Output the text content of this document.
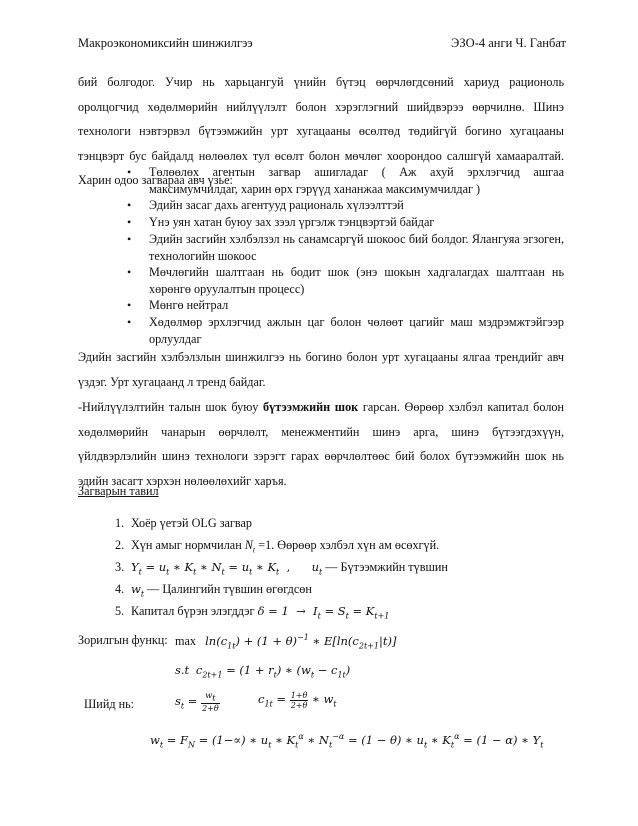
Макроэкономиксийн шинжилгээ	ЭЗО-4 анги Ч. Ганбат
бий болгодог. Учир нь харьцангуй үнийн бүтэц өөрчлөгдсөний хариуд рационоль оролцогчид хөдөлмөрийн нийлүүлэлт болон хэрэглэгний шийдвэрээ өөрчилнө. Шинэ технологи нэвтэрвэл бүтээмжийн урт хугацааны өсөлтөд төдийгүй богино хугацааны тэнцвэрт бус байдалд нөлөөлөх тул өсөлт болон мөчлөг хоорондоо салшгүй хамааралтай. Харин одоо загвараа авч үзье:
• Төлөөлөх агентын загвар ашигладаг ( Аж ахуй эрхлэгчид ашгаа максимумчилдаг, харин өрх гэрүүд хананжаа максимумчилдаг )
• Эдийн засаг дахь агентууд рациональ хүлээлттэй
• Үнэ уян хатан буюу зах зээл үргэлж тэнцвэртэй байдаг
• Эдийн засгийн хэлбэлзэл нь санамсаргүй шокоос бий болдог. Ялангуяа эгзоген, технологийн шокоос
• Мөчлөгийн шалтгаан нь бодит шок (энэ шокын хадгалагдах шалтгаан нь хөрөнгө оруулалтын процесс)
• Мөнгө нейтрал
• Хөдөлмөр эрхлэгчид ажлын цаг болон чөлөөт цагийг маш мэдрэмжтэйгээр орлуулдаг
Эдийн засгийн хэлбэлзлын шинжилгээ нь богино болон урт хугацааны ялгаа трендийг авч үздэг. Урт хугацаанд л тренд байдаг.
-Нийлүүлэлтийн талын шок буюу бүтээмжийн шок гарсан. Өөрөөр хэлбэл капитал болон хөдөлмөрийн чанарын өөрчлөлт, менежментийн шинэ арга, шинэ бүтээгдэхүүн, үйлдвэрлэлийн шинэ технологи зэрэгт гарах өөрчлөлтөөс бий болох бүтээмжийн шок нь эдийн засагт хэрхэн нөлөөлөхийг харъя.
Загварын тавил
1. Хоёр үетэй OLG загвар
2. Хүн амыг нормчилан $N_t =1$. Өөрөөр хэлбэл хүн ам өсөхгүй.
3. $Y_t = u_t$ ∗ $K_t$ ∗ $N_t = u_t$ ∗ $K_t$  , $u_t$ — Бүтээмжийн түвшин
4. $w_t$ — Цалингийн түвшин өгөгдсөн
5. Капитал бүрэн элэгддэг $\delta = 1 \to I_t = S_t = K_{t+1}$
Зорилгын функц: $\max \ln(c_{1t}) + (1 + \theta)^{-1}$ ∗ $E[\ln(c_{2t+1}|t)]$
s.t  $c_{2t+1} = (1 + r_t)$ ∗ $(w_t - c_{1t})$
Шийд нь:	$s_t = \frac{w_t}{2+\theta}$	$c_{1t} = \frac{1+\theta}{2+\theta}$ ∗ $w_t$
$w_t = F_N = (1-\propto)$ ∗ $u_t$ ∗ $K_t^\alpha$ ∗ $N_t^{-\alpha} = (1 - \theta)$ ∗ $u_t$ ∗ $K_t^\alpha = (1 - \alpha)$ ∗ $Y_t$
